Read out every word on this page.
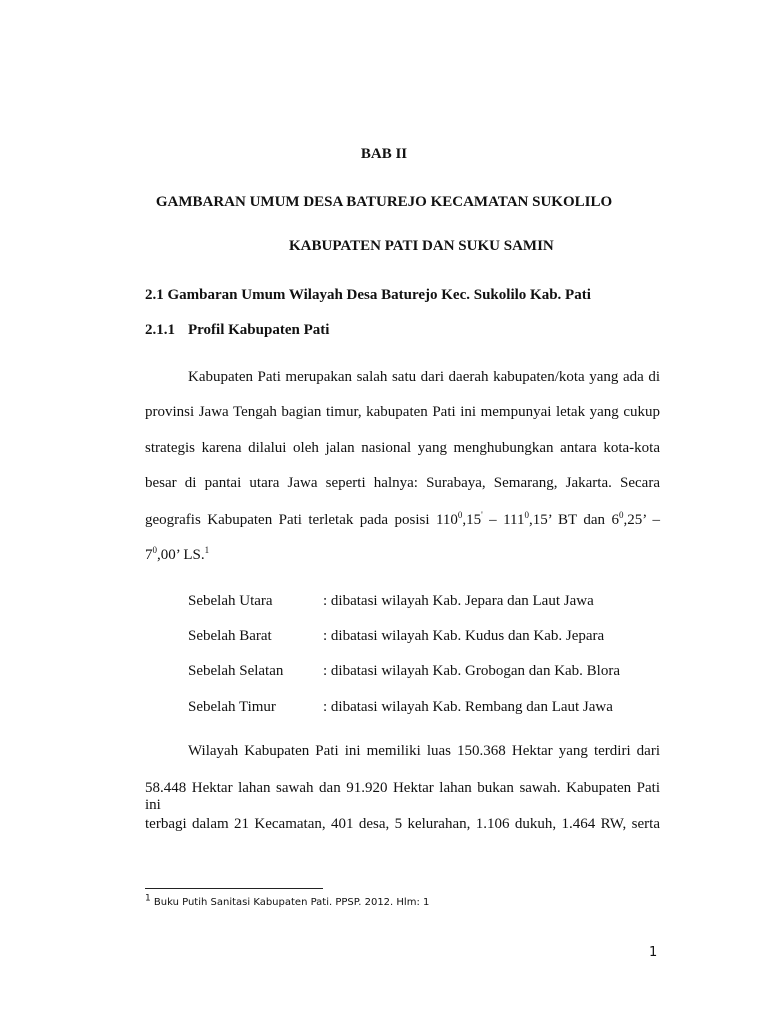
BAB II
GAMBARAN UMUM DESA BATUREJO KECAMATAN SUKOLILO
KABUPATEN PATI DAN SUKU SAMIN
2.1 Gambaran Umum Wilayah Desa Baturejo Kec. Sukolilo Kab. Pati
2.1.1 Profil Kabupaten Pati
Kabupaten Pati merupakan salah satu dari daerah kabupaten/kota yang ada di
provinsi Jawa Tengah bagian timur, kabupaten Pati ini mempunyai letak yang cukup
strategis karena dilalui oleh jalan nasional yang menghubungkan antara kota-kota
besar di pantai utara Jawa seperti halnya: Surabaya, Semarang, Jakarta. Secara
geografis Kabupaten Pati terletak pada posisi $110^0,15' - 111^0,15$’ BT dan $6^0,25$’ –
$7^0,00$’ LS.$^1$
Sebelah Utara	: dibatasi wilayah Kab. Jepara dan Laut Jawa
Sebelah Barat	: dibatasi wilayah Kab. Kudus dan Kab. Jepara
Sebelah Selatan	: dibatasi wilayah Kab. Grobogan dan Kab. Blora
Sebelah Timur	: dibatasi wilayah Kab. Rembang dan Laut Jawa
Wilayah Kabupaten Pati ini memiliki luas 150.368 Hektar yang terdiri dari
58.448 Hektar lahan sawah dan 91.920 Hektar lahan bukan sawah. Kabupaten Pati ini
terbagi dalam 21 Kecamatan, 401 desa, 5 kelurahan, 1.106 dukuh, 1.464 RW, serta
$^1$ Buku Putih Sanitasi Kabupaten Pati. PPSP. 2012. Hlm: 1
1
